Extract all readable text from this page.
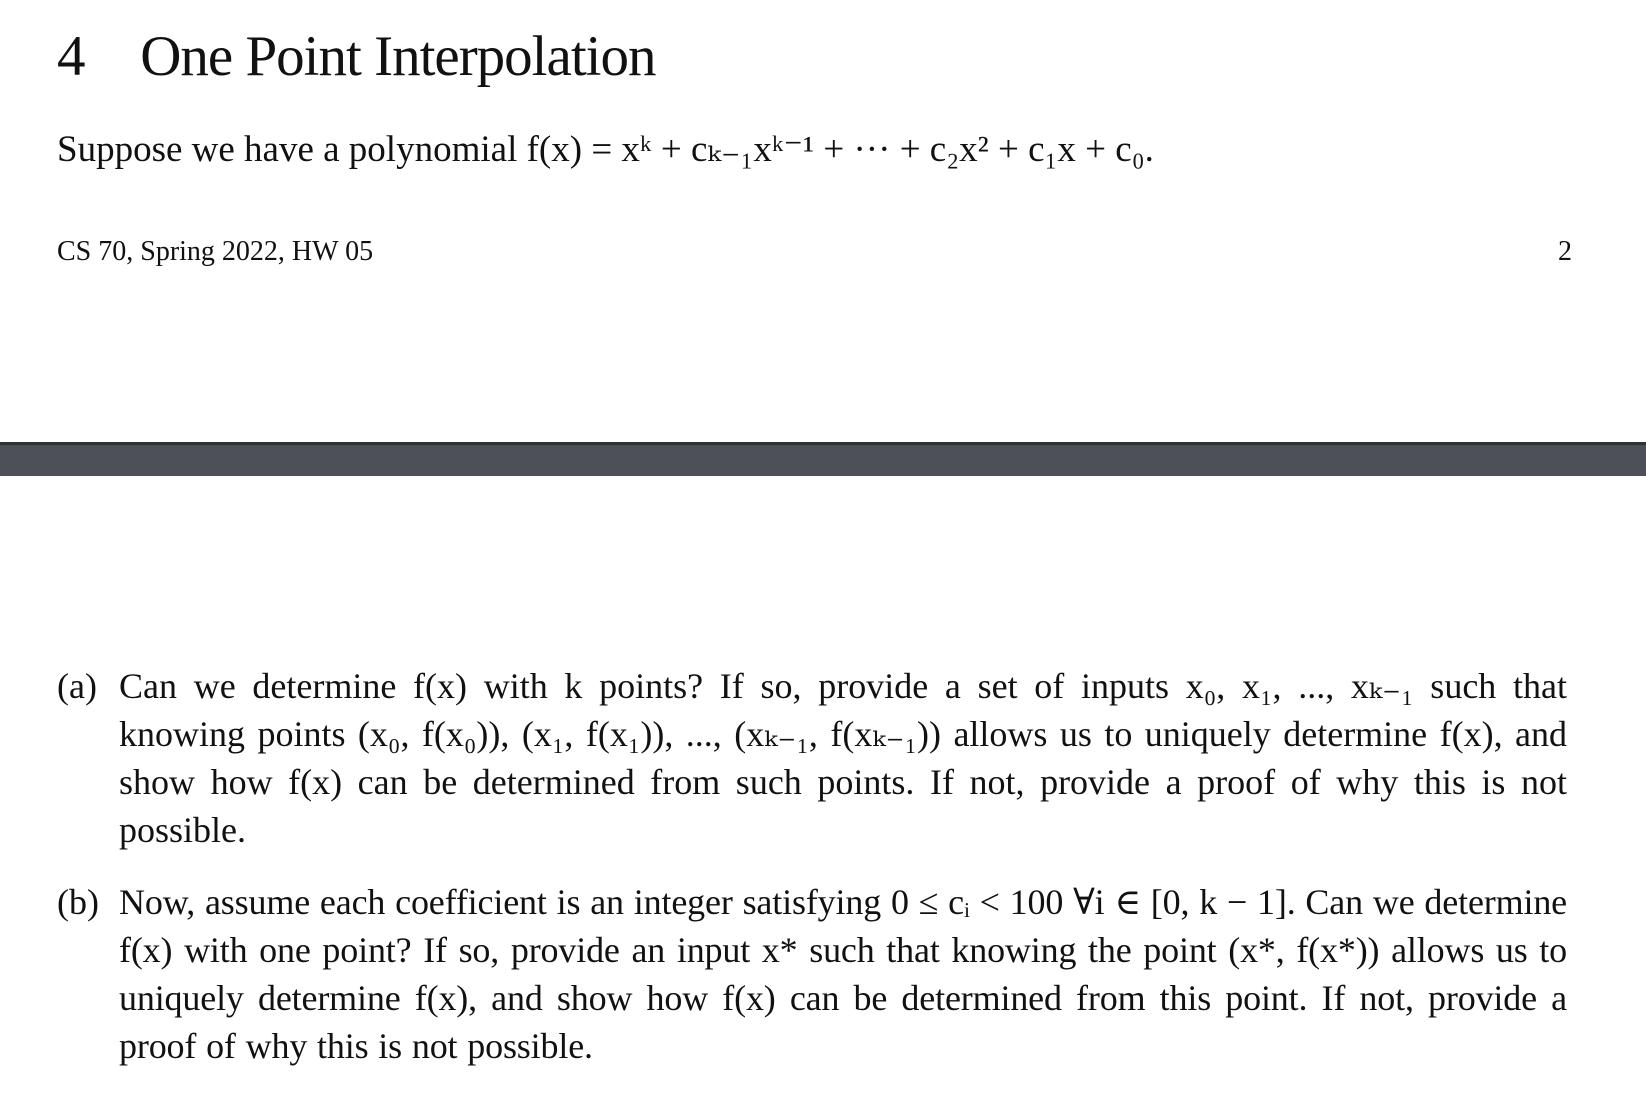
4 One Point Interpolation
Suppose we have a polynomial f(x) = xᵏ + cₖ₋₁xᵏ⁻¹ + ··· + c₂x² + c₁x + c₀.
CS 70, Spring 2022, HW 05	2
(a) Can we determine f(x) with k points? If so, provide a set of inputs x₀, x₁, ..., xₖ₋₁ such that knowing points (x₀, f(x₀)), (x₁, f(x₁)), ..., (xₖ₋₁, f(xₖ₋₁)) allows us to uniquely determine f(x), and show how f(x) can be determined from such points. If not, provide a proof of why this is not possible.
(b) Now, assume each coefficient is an integer satisfying 0 ≤ cᵢ < 100 ∀i ∈ [0, k − 1]. Can we determine f(x) with one point? If so, provide an input x* such that knowing the point (x*, f(x*)) allows us to uniquely determine f(x), and show how f(x) can be determined from this point. If not, provide a proof of why this is not possible.
